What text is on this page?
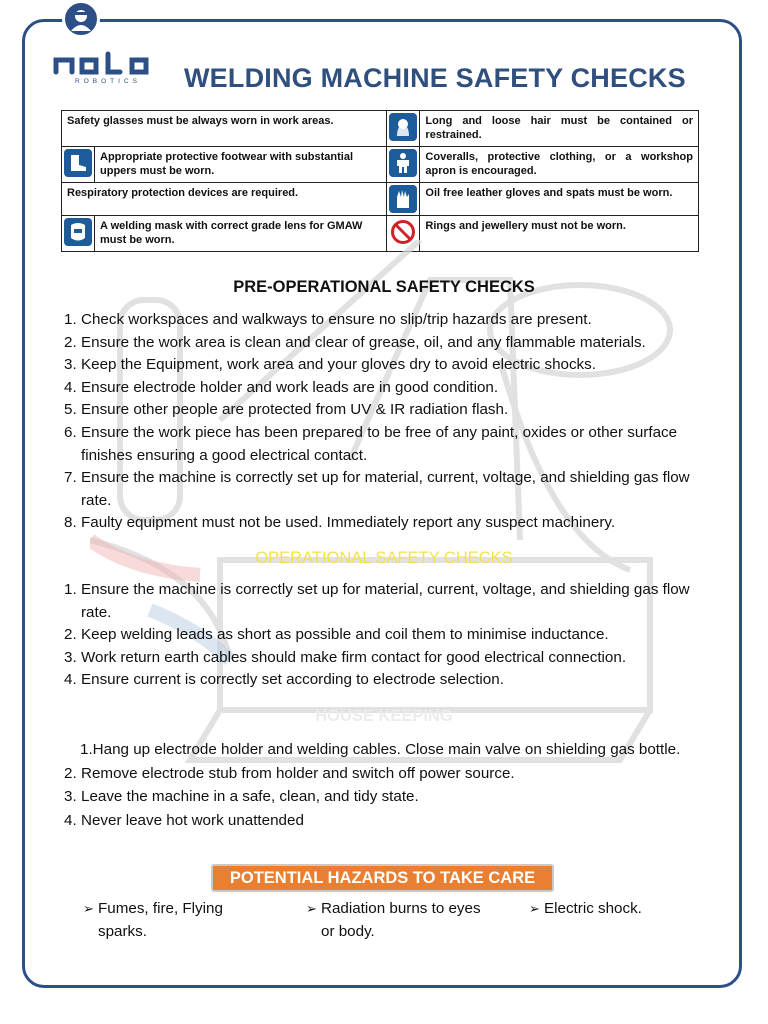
ROBOTICS WELDING MACHINE SAFETY CHECKS
Safety glasses must be always worn in work areas.			Long and loose hair must be contained or restrained.

	Appropriate protective footwear with substantial uppers must be worn.		Coveralls, protective clothing, or a workshop apron is encouraged.
Respiratory protection devices are required.			Oil free leather gloves and spats must be worn.

	A welding mask with correct grade lens for GMAW must be worn.		Rings and jewellery must not be worn.
PRE-OPERATIONAL SAFETY CHECKS
1. Check workspaces and walkways to ensure no slip/trip hazards are present.
2. Ensure the work area is clean and clear of grease, oil, and any flammable materials.
3. Keep the Equipment, work area and your gloves dry to avoid electric shocks.
4. Ensure electrode holder and work leads are in good condition.
5. Ensure other people are protected from UV & IR radiation flash.
6. Ensure the work piece has been prepared to be free of any paint, oxides or other surface finishes ensuring a good electrical contact.
7. Ensure the machine is correctly set up for material, current, voltage, and shielding gas flow rate.
8. Faulty equipment must not be used. Immediately report any suspect machinery.
OPERATIONAL SAFETY CHECKS
1. Ensure the machine is correctly set up for material, current, voltage, and shielding gas flow rate.
2. Keep welding leads as short as possible and coil them to minimise inductance.
3. Work return earth cables should make firm contact for good electrical connection.
4. Ensure current is correctly set according to electrode selection.
HOUSE KEEPING
1.Hang up electrode holder and welding cables. Close main valve on shielding gas bottle.
2. Remove electrode stub from holder and switch off power source.
3. Leave the machine in a safe, clean, and tidy state.
4. Never leave hot work unattended
POTENTIAL HAZARDS TO TAKE CARE
➢ Fumes, fire, Flying sparks.
➢ Radiation burns to eyes or body.
➢ Electric shock.
